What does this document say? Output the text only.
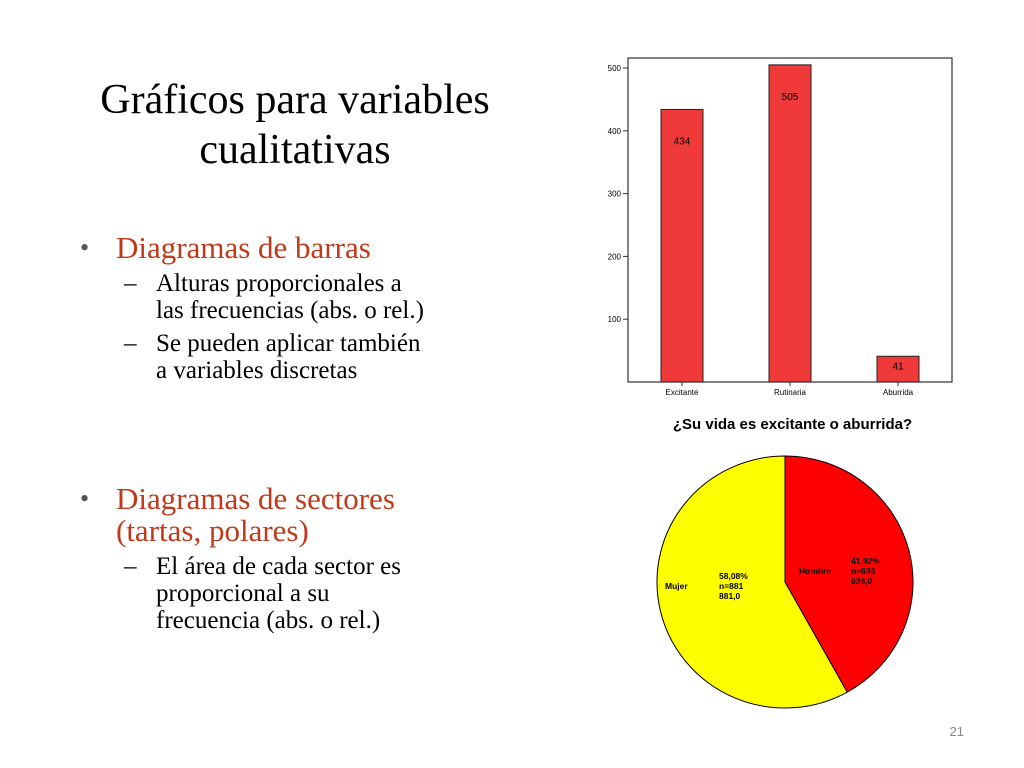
Gráficos para variables
cualitativas
• Diagramas de barras
– Alturas proporcionales a
las frecuencias (abs. o rel.)
– Se pueden aplicar también
a variables discretas
• Diagramas de sectores
(tartas, polares)
– El área de cada sector es
proporcional a su
frecuencia (abs. o rel.)
100
200
300
400
500
434
Excitante
505
Rutinaria
41
Aburrida
¿Su vida es excitante o aburrida?
Hombre
41,92%
n=636
636,0
Mujer
58,08%
n=881
881,0
21
